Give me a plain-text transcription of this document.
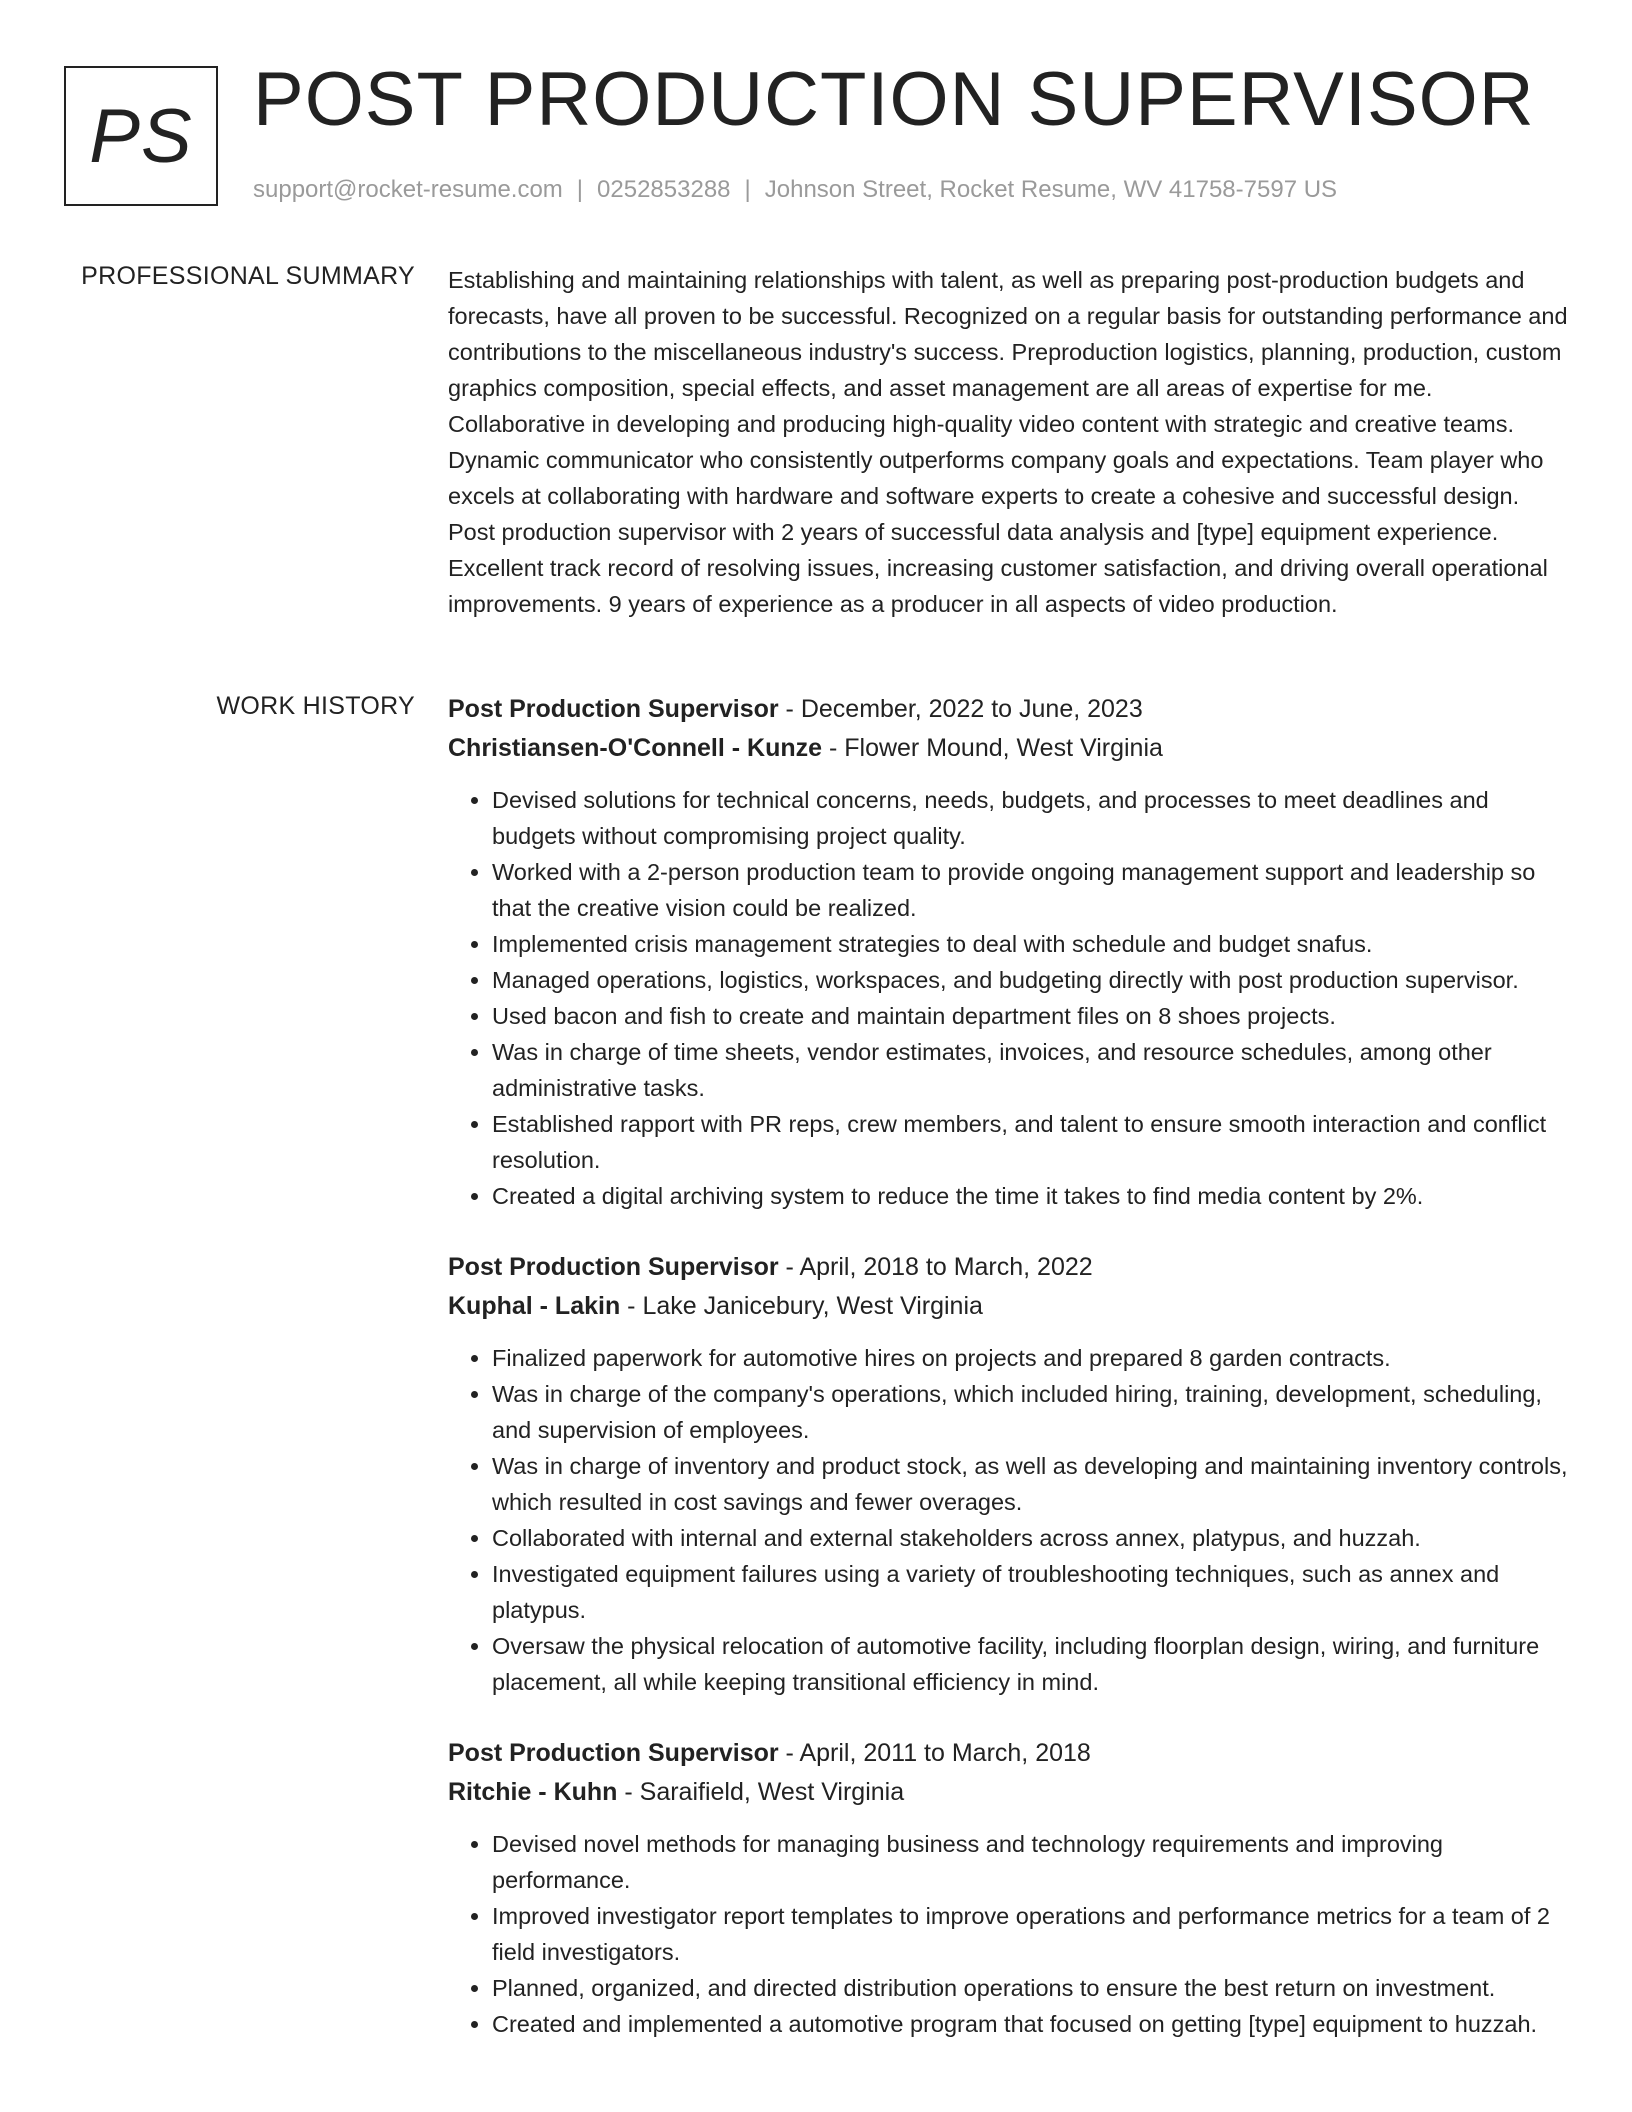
PS POST PRODUCTION SUPERVISOR
support@rocket-resume.com | 0252853288 | Johnson Street, Rocket Resume, WV 41758-7597 US
PROFESSIONAL SUMMARY Establishing and maintaining relationships with talent, as well as preparing post-production budgets and forecasts, have all proven to be successful. Recognized on a regular basis for outstanding performance and contributions to the miscellaneous industry's success. Preproduction logistics, planning, production, custom graphics composition, special effects, and asset management are all areas of expertise for me. Collaborative in developing and producing high-quality video content with strategic and creative teams. Dynamic communicator who consistently outperforms company goals and expectations. Team player who excels at collaborating with hardware and software experts to create a cohesive and successful design. Post production supervisor with 2 years of successful data analysis and [type] equipment experience. Excellent track record of resolving issues, increasing customer satisfaction, and driving overall operational improvements. 9 years of experience as a producer in all aspects of video production.

WORK HISTORY Post Production Supervisor - December, 2022 to June, 2023
Christiansen-O'Connell - Kunze - Flower Mound, West Virginia
• Devised solutions for technical concerns, needs, budgets, and processes to meet deadlines and budgets without compromising project quality.
• Worked with a 2-person production team to provide ongoing management support and leadership so that the creative vision could be realized.
• Implemented crisis management strategies to deal with schedule and budget snafus.
• Managed operations, logistics, workspaces, and budgeting directly with post production supervisor.
• Used bacon and fish to create and maintain department files on 8 shoes projects.
• Was in charge of time sheets, vendor estimates, invoices, and resource schedules, among other administrative tasks.
• Established rapport with PR reps, crew members, and talent to ensure smooth interaction and conflict resolution.
• Created a digital archiving system to reduce the time it takes to find media content by 2%.
Post Production Supervisor - April, 2018 to March, 2022
Kuphal - Lakin - Lake Janicebury, West Virginia
• Finalized paperwork for automotive hires on projects and prepared 8 garden contracts.
• Was in charge of the company's operations, which included hiring, training, development, scheduling, and supervision of employees.
• Was in charge of inventory and product stock, as well as developing and maintaining inventory controls, which resulted in cost savings and fewer overages.
• Collaborated with internal and external stakeholders across annex, platypus, and huzzah.
• Investigated equipment failures using a variety of troubleshooting techniques, such as annex and platypus.
• Oversaw the physical relocation of automotive facility, including floorplan design, wiring, and furniture placement, all while keeping transitional efficiency in mind.
Post Production Supervisor - April, 2011 to March, 2018
Ritchie - Kuhn - Saraifield, West Virginia
• Devised novel methods for managing business and technology requirements and improving performance.
• Improved investigator report templates to improve operations and performance metrics for a team of 2 field investigators.
• Planned, organized, and directed distribution operations to ensure the best return on investment.
• Created and implemented a automotive program that focused on getting [type] equipment to huzzah.
